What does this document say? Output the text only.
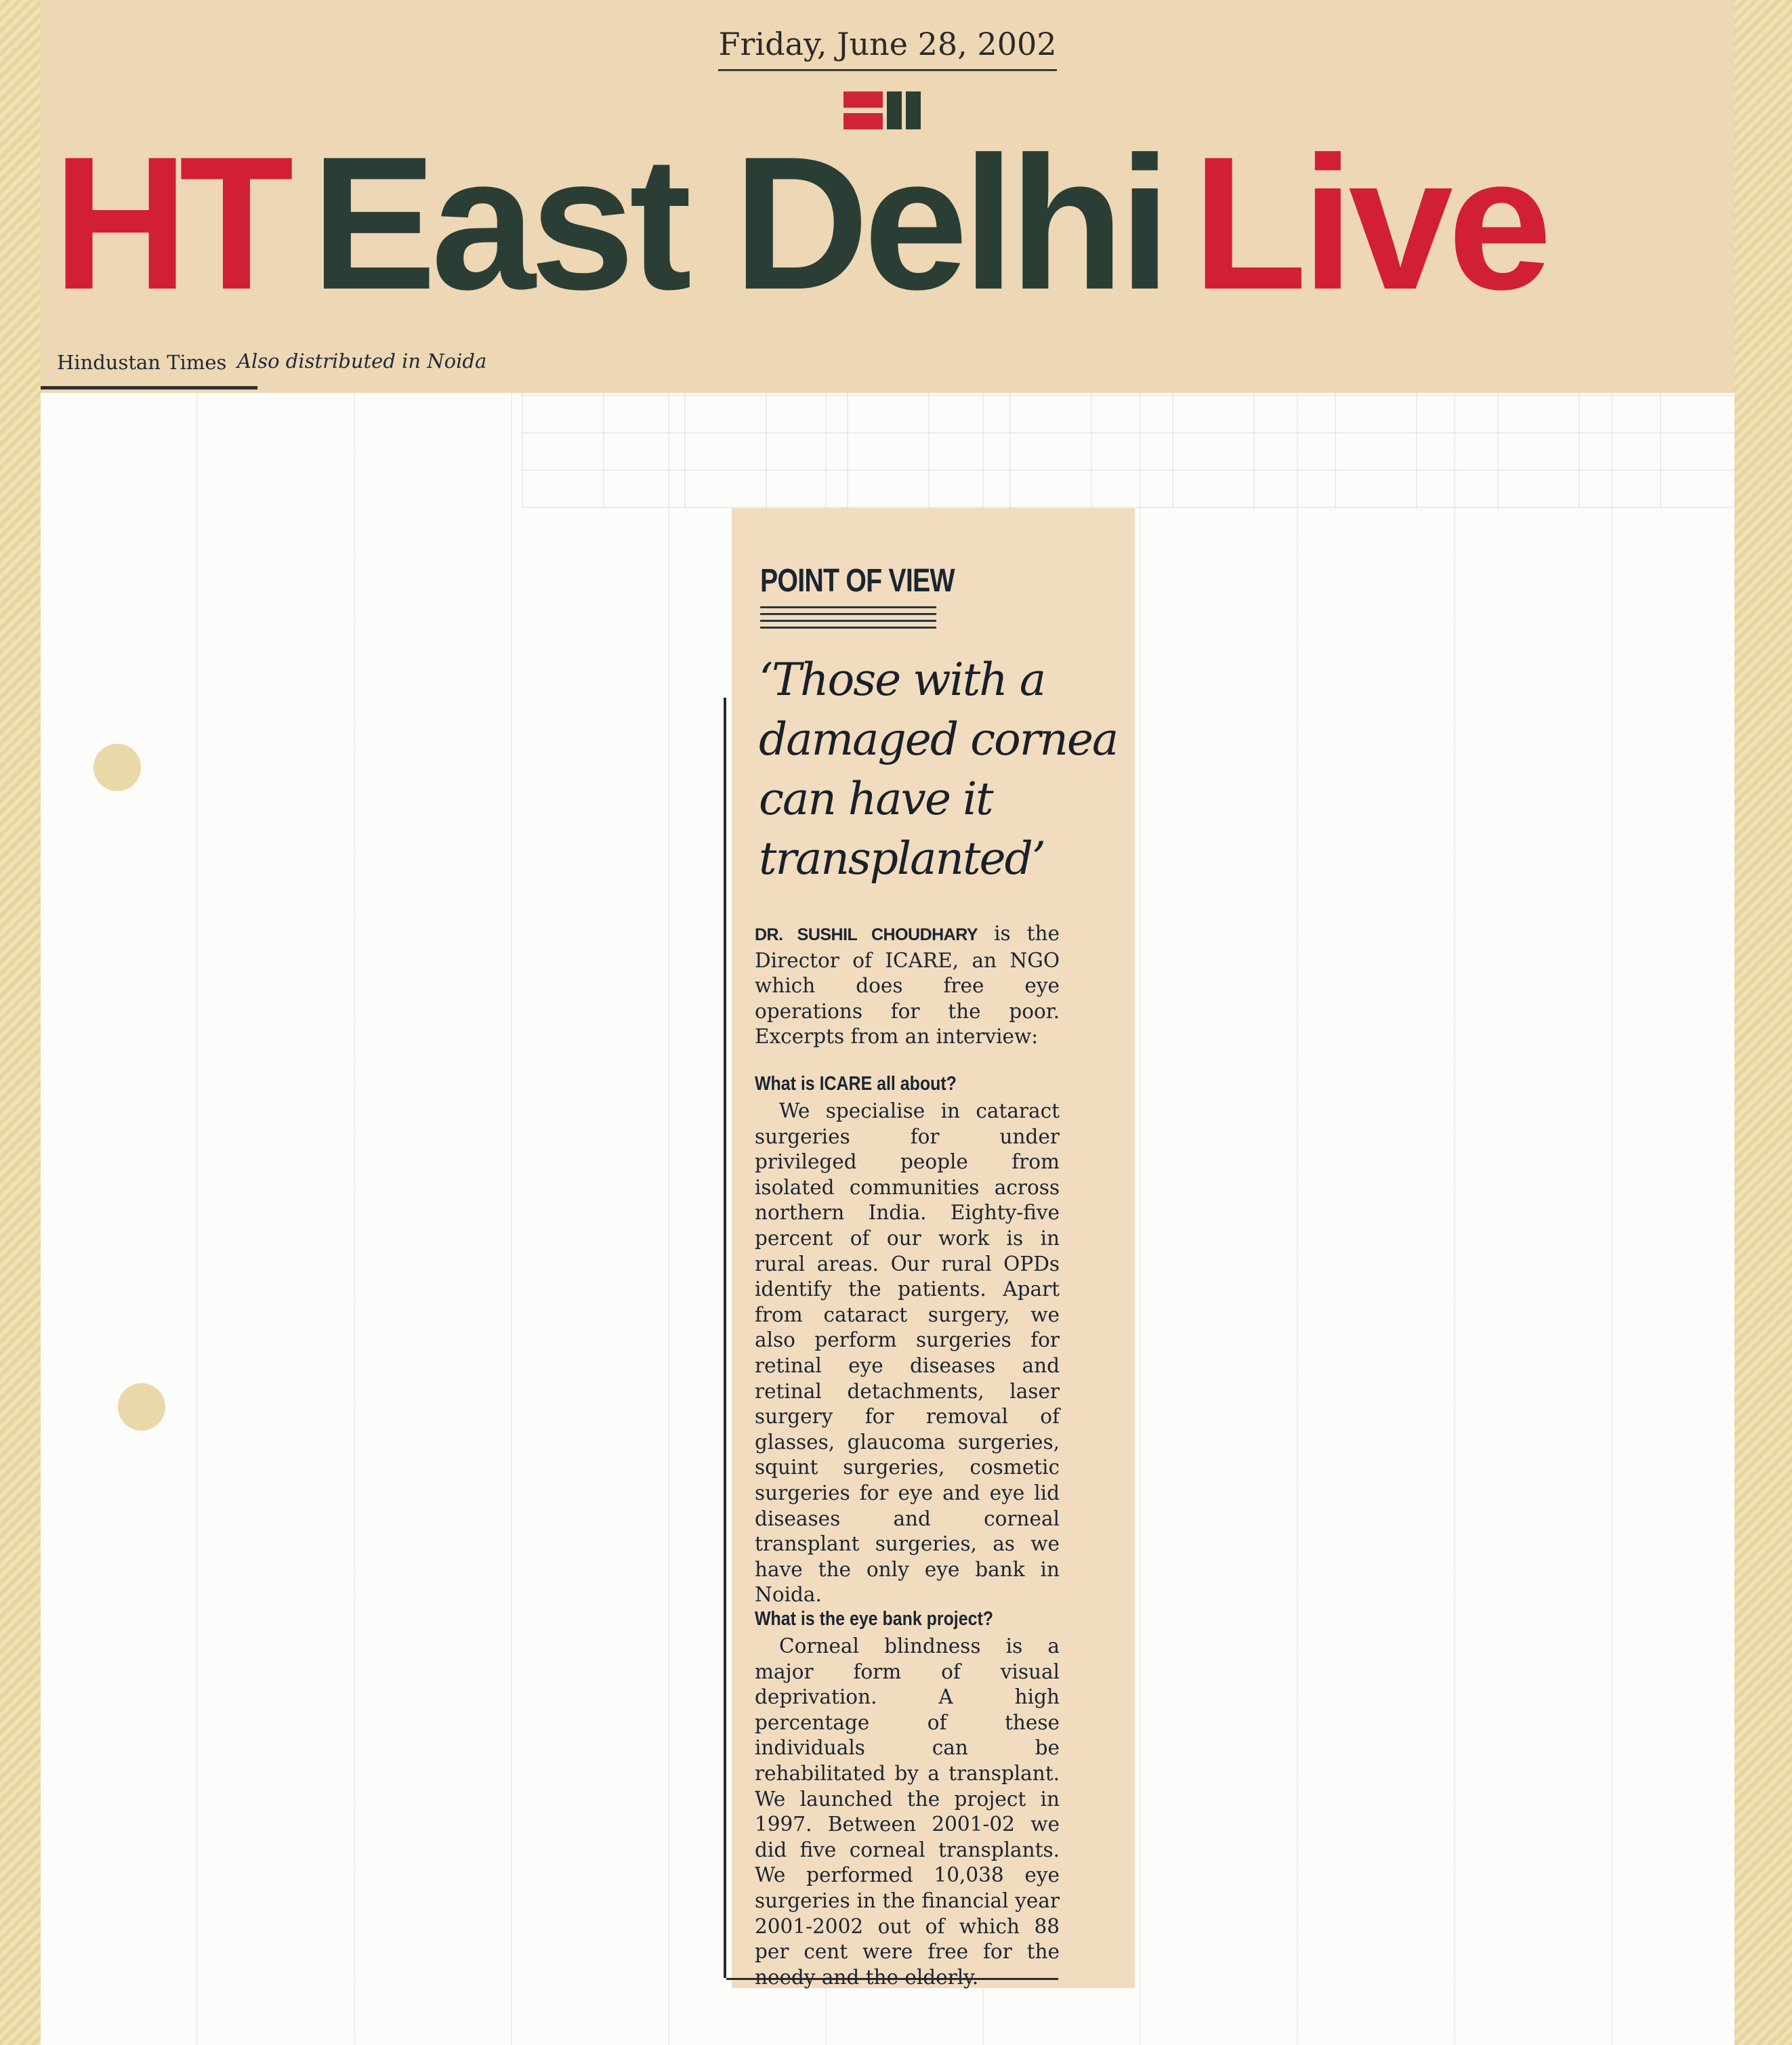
Friday, June 28, 2002
HT East Delhi Live
Hindustan Times Also distributed in Noida
POINT OF VIEW
‘Those with a damaged cornea can have it transplanted’
DR. SUSHIL CHOUDHARY is the Director of ICARE, an NGO which does free eye operations for the poor. Excerpts from an interview:
What is ICARE all about?
We specialise in cataract surgeries for under privileged people from isolated communities across northern India. Eighty-five percent of our work is in rural areas. Our rural OPDs identify the patients. Apart from cataract surgery, we also perform surgeries for retinal eye diseases and retinal detachments, laser surgery for removal of glasses, glaucoma surgeries, squint surgeries, cosmetic surgeries for eye and eye lid diseases and corneal transplant surgeries, as we have the only eye bank in Noida.
What is the eye bank project?
Corneal blindness is a major form of visual deprivation. A high percentage of these individuals can be rehabilitated by a transplant. We launched the project in 1997. Between 2001-02 we did five corneal transplants. We performed 10,038 eye surgeries in the financial year 2001-2002 out of which 88 per cent were free for the needy and the elderly.
